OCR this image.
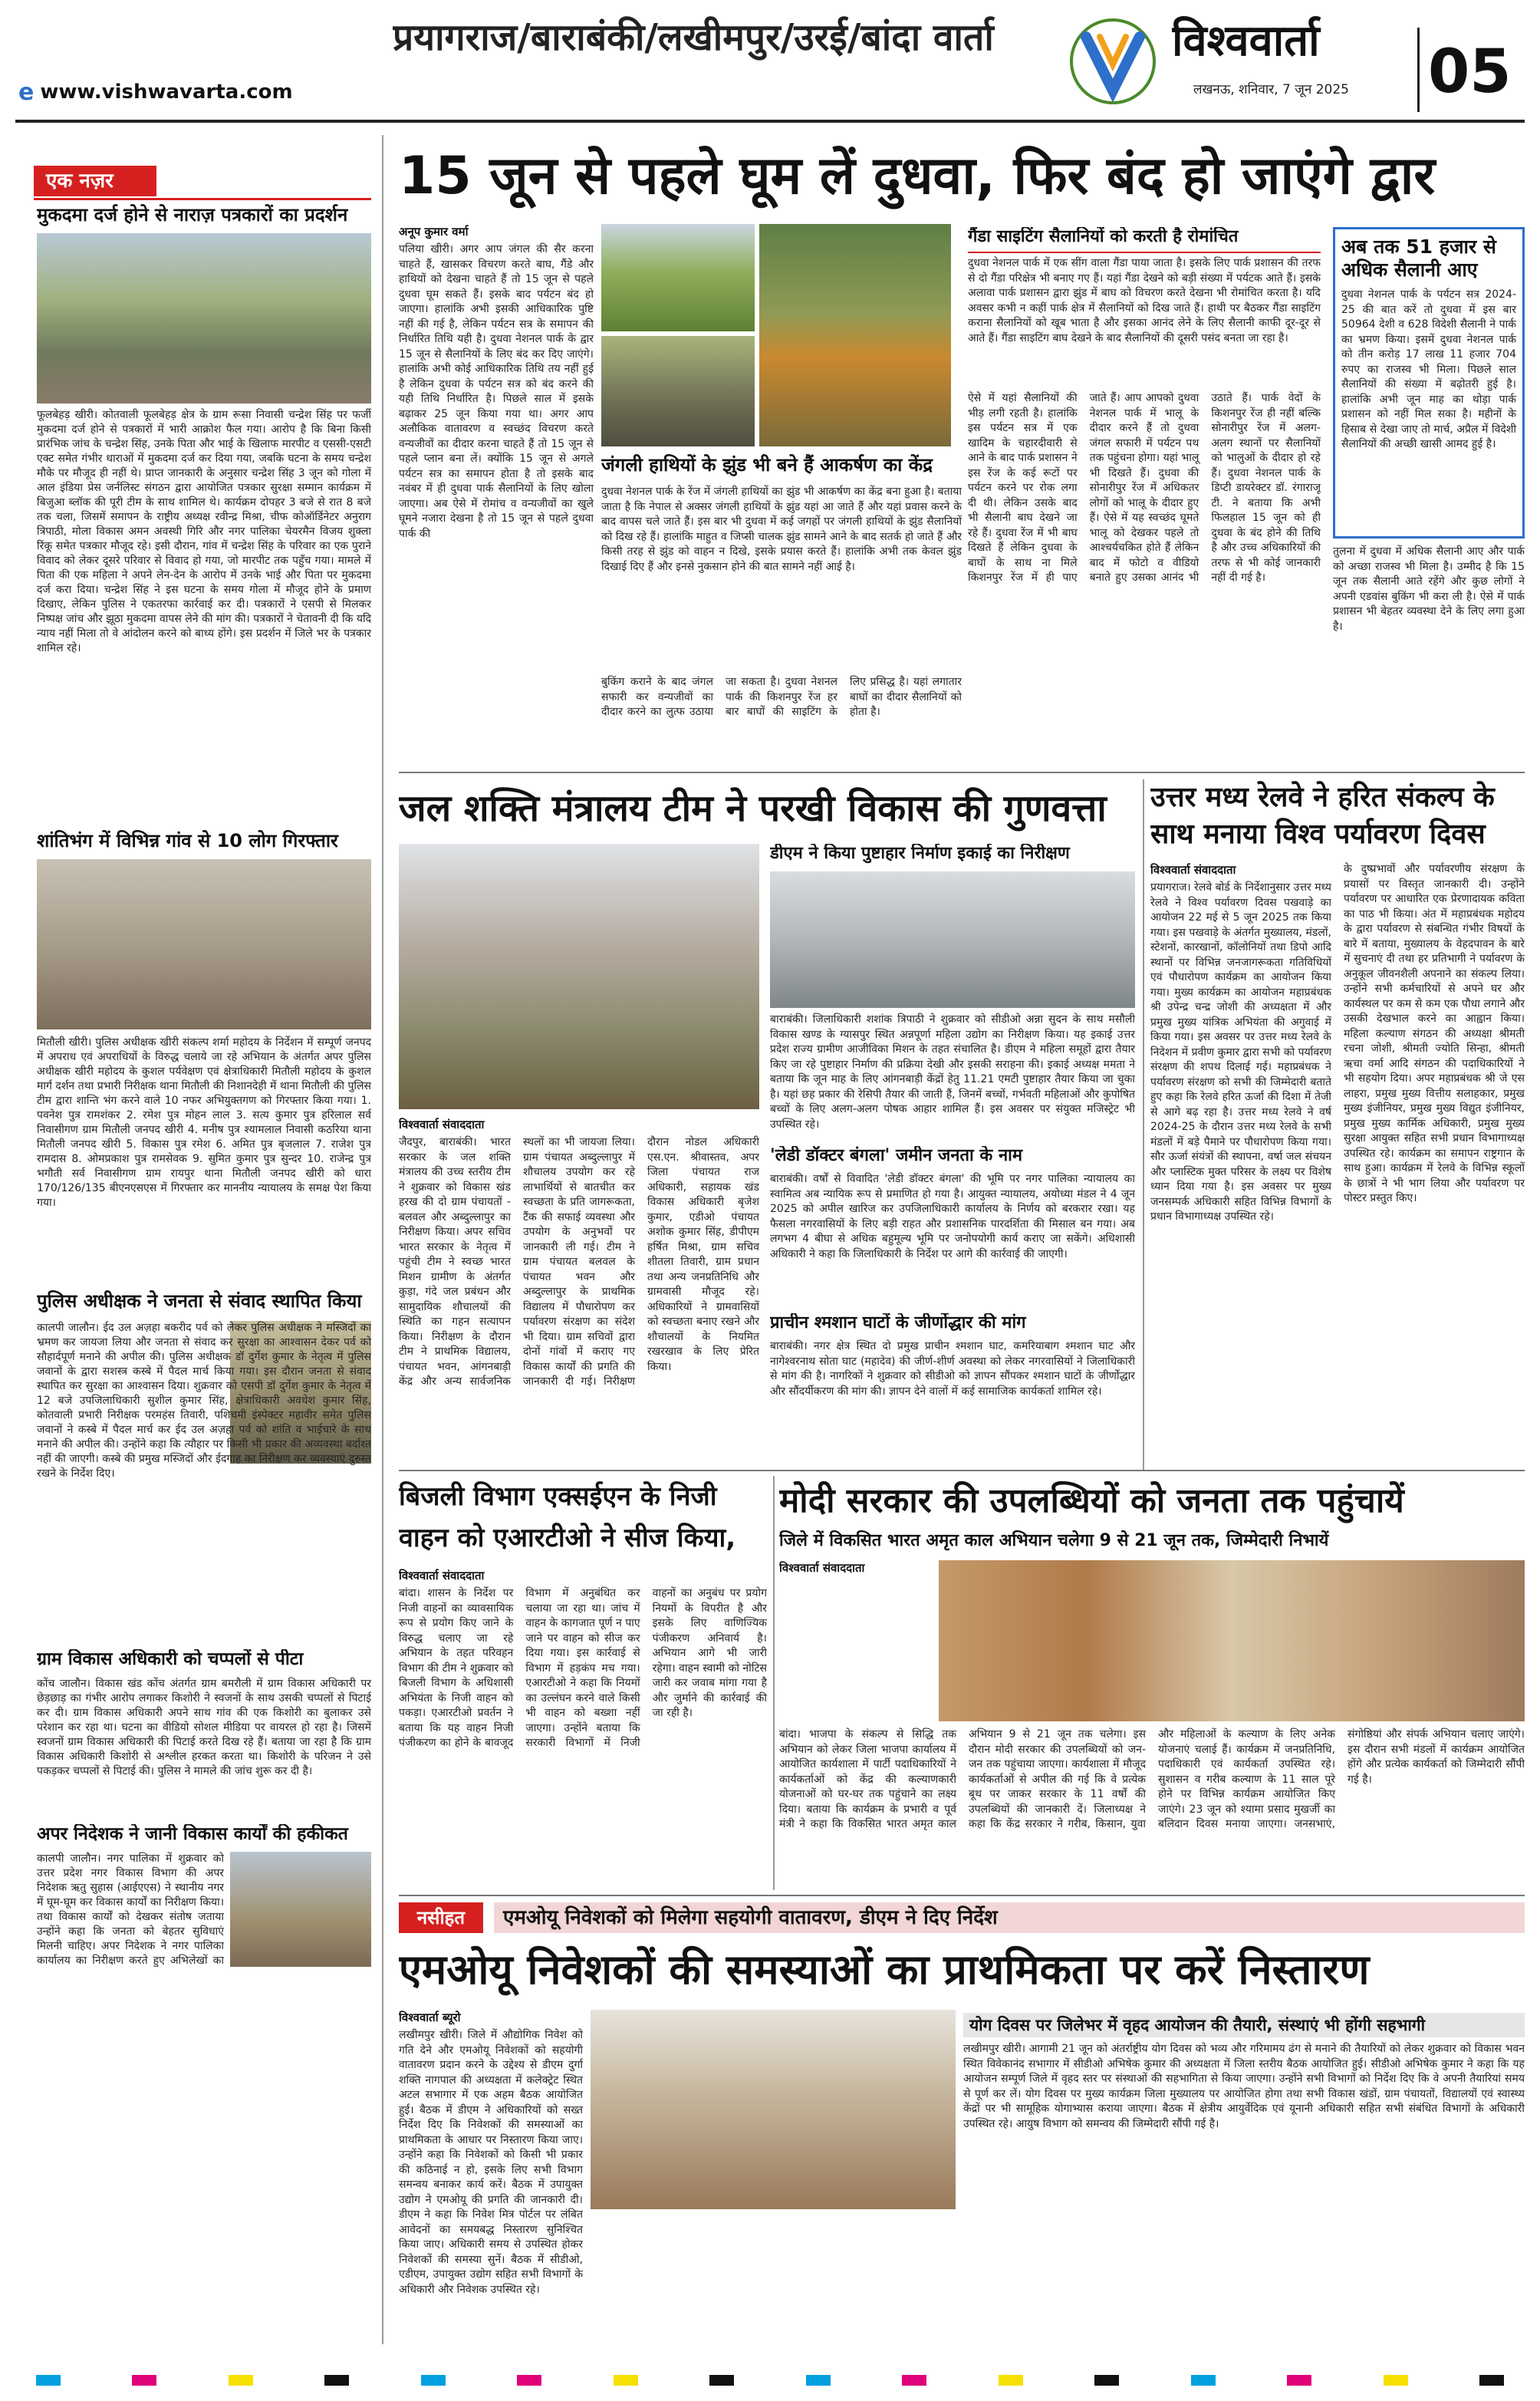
प्रयागराज/बाराबंकी/लखीमपुर/उरई/बांदा वार्ता	विश्ववार्ता
लखनऊ, शनिवार, 7 जून 2025	05
e www.vishwavarta.com
एक नज़र
मुकदमा दर्ज होने से नाराज़ पत्रकारों का प्रदर्शन
फूलबेहड़ खीरी। कोतवाली फूलबेहड़ क्षेत्र के ग्राम रूसा निवासी चन्द्रेश सिंह पर फर्जी मुकदमा दर्ज होने से पत्रकारों में भारी आक्रोश फैल गया। आरोप है कि बिना किसी प्रारंभिक जांच के चन्द्रेश सिंह, उनके पिता और भाई के खिलाफ मारपीट व एससी-एसटी एक्ट समेत गंभीर धाराओं में मुकदमा दर्ज कर दिया गया, जबकि घटना के समय चन्द्रेश मौके पर मौजूद ही नहीं थे। प्राप्त जानकारी के अनुसार चन्द्रेश सिंह 3 जून को गोला में आल इंडिया प्रेस जर्नलिस्ट संगठन द्वारा आयोजित पत्रकार सुरक्षा सम्मान कार्यक्रम में बिजुआ ब्लॉक की पूरी टीम के साथ शामिल थे। कार्यक्रम दोपहर 3 बजे से रात 8 बजे तक चला, जिसमें समापन के राष्ट्रीय अध्यक्ष रवीन्द्र मिश्रा, चीफ कोऑर्डिनेटर अनुराग त्रिपाठी, मोला विकास अमन अवस्थी गिरि और नगर पालिका चेयरमैन विजय शुक्ला रिंकू समेत पत्रकार मौजूद रहे। इसी दौरान, गांव में चन्द्रेश सिंह के परिवार का एक पुराने विवाद को लेकर दूसरे परिवार से विवाद हो गया, जो मारपीट तक पहुँच गया। मामले में पिता की एक महिला ने अपने लेन-देन के आरोप में उनके भाई और पिता पर मुकदमा दर्ज करा दिया। चन्द्रेश सिंह ने इस घटना के समय गोला में मौजूद होने के प्रमाण दिखाए, लेकिन पुलिस ने एकतरफा कार्रवाई कर दी। पत्रकारों ने एसपी से मिलकर निष्पक्ष जांच और झूठा मुकदमा वापस लेने की मांग की। पत्रकारों ने चेतावनी दी कि यदि न्याय नहीं मिला तो वे आंदोलन करने को बाध्य होंगे। इस प्रदर्शन में जिले भर के पत्रकार शामिल रहे।
शांतिभंग में विभिन्न गांव से 10 लोग गिरफ्तार
मितौली खीरी। पुलिस अधीक्षक खीरी संकल्प शर्मा महोदय के निर्देशन में सम्पूर्ण जनपद में अपराध एवं अपराधियों के विरुद्ध चलाये जा रहे अभियान के अंतर्गत अपर पुलिस अधीक्षक खीरी महोदय के कुशल पर्यवेक्षण एवं क्षेत्राधिकारी मितौली महोदय के कुशल मार्ग दर्शन तथा प्रभारी निरीक्षक थाना मितौली की निशानदेही में थाना मितौली की पुलिस टीम द्वारा शान्ति भंग करने वाले 10 नफर अभियुक्तगण को गिरफ्तार किया गया। 1. पवनेश पुत्र रामशंकर 2. रमेश पुत्र मोहन लाल 3. सत्य कुमार पुत्र हरिलाल सर्व निवासीगण ग्राम मितौली जनपद खीरी 4. मनीष पुत्र श्यामलाल निवासी कठरिया थाना मितौली जनपद खीरी 5. विकास पुत्र रमेश 6. अमित पुत्र बृजलाल 7. राजेश पुत्र रामदास 8. ओमप्रकाश पुत्र रामसेवक 9. सुमित कुमार पुत्र सुन्दर 10. राजेन्द्र पुत्र भगौती सर्व निवासीगण ग्राम रायपुर थाना मितौली जनपद खीरी को धारा 170/126/135 बीएनएसएस में गिरफ्तार कर माननीय न्यायालय के समक्ष पेश किया गया।
पुलिस अधीक्षक ने जनता से संवाद स्थापित किया
कालपी जालौन। ईद उल अज़हा बकरीद पर्व को लेकर पुलिस अधीक्षक ने मस्जिदों का भ्रमण कर जायजा लिया और जनता से संवाद कर सुरक्षा का आश्वासन देकर पर्व को सौहार्दपूर्ण मनाने की अपील की। पुलिस अधीक्षक डॉ दुर्गेश कुमार के नेतृत्व में पुलिस जवानों के द्वारा सशस्त्र कस्बे में पैदल मार्च किया गया। इस दौरान जनता से संवाद स्थापित कर सुरक्षा का आश्वासन दिया। शुक्रवार को एसपी डॉ दुर्गेश कुमार के नेतृत्व में 12 बजे उपजिलाधिकारी सुशील कुमार सिंह, क्षेत्राधिकारी अवधेश कुमार सिंह, कोतवाली प्रभारी निरीक्षक परमहंस तिवारी, पशिचमी इंस्पेक्टर महावीर समेत पुलिस जवानों ने कस्बे में पैदल मार्च कर ईद उल अज़हा पर्व को शांति व भाईचारे के साथ मनाने की अपील की। उन्होंने कहा कि त्यौहार पर किसी भी प्रकार की अव्यवस्था बर्दाश्त नहीं की जाएगी। कस्बे की प्रमुख मस्जिदों और ईदगाह का निरीक्षण कर व्यवस्थाएं दुरुस्त रखने के निर्देश दिए।
ग्राम विकास अधिकारी को चप्पलों से पीटा
कोंच जालौन। विकास खंड कोंच अंतर्गत ग्राम बमरौली में ग्राम विकास अधिकारी पर छेड़छाड़ का गंभीर आरोप लगाकर किशोरी ने स्वजनों के साथ उसकी चप्पलों से पिटाई कर दी। ग्राम विकास अधिकारी अपने साथ गांव की एक किशोरी का बुलाकर उसे परेशान कर रहा था। घटना का वीडियो सोशल मीडिया पर वायरल हो रहा है। जिसमें स्वजनों ग्राम विकास अधिकारी की पिटाई करते दिख रहे हैं। बताया जा रहा है कि ग्राम विकास अधिकारी किशोरी से अश्लील हरकत करता था। किशोरी के परिजन ने उसे पकड़कर चप्पलों से पिटाई की। पुलिस ने मामले की जांच शुरू कर दी है।
अपर निदेशक ने जानी विकास कार्यों की हकीकत
कालपी जालौन। नगर पालिका में शुक्रवार को उत्तर प्रदेश नगर विकास विभाग की अपर निदेशक ऋतु सुहास (आईएएस) ने स्थानीय नगर में घूम-घूम कर विकास कार्यों का निरीक्षण किया। तथा विकास कार्यों को देखकर संतोष जताया उन्होंने कहा कि जनता को बेहतर सुविधाएं मिलनी चाहिए। अपर निदेशक ने नगर पालिका कार्यालय का निरीक्षण करते हुए अभिलेखों का
15 जून से पहले घूम लें दुधवा, फिर बंद हो जाएंगे द्वार
अनूप कुमार वर्मा
पलिया खीरी। अगर आप जंगल की सैर करना चाहते हैं, खासकर विचरण करते बाघ, गैंडे और हाथियों को देखना चाहते हैं तो 15 जून से पहले दुधवा घूम सकते हैं। इसके बाद पर्यटन बंद हो जाएगा। हालांकि अभी इसकी आधिकारिक पुष्टि नहीं की गई है, लेकिन पर्यटन सत्र के समापन की निर्धारित तिथि यही है। दुधवा नेशनल पार्क के द्वार 15 जून से सैलानियों के लिए बंद कर दिए जाएंगे। हालांकि अभी कोई आधिकारिक तिथि तय नहीं हुई है लेकिन दुधवा के पर्यटन सत्र को बंद करने की यही तिथि निर्धारित है। पिछले साल में इसके बढ़ाकर 25 जून किया गया था। अगर आप अलौकिक वातावरण व स्वच्छंद विचरण करते वन्यजीवों का दीदार करना चाहते हैं तो 15 जून से पहले प्लान बना लें। क्योंकि 15 जून से अगले पर्यटन सत्र का समापन होता है तो इसके बाद नवंबर में ही दुधवा पार्क सैलानियों के लिए खोला जाएगा। अब ऐसे में रोमांच व वन्यजीवों का खुले घूमने नजारा देखना है तो 15 जून से पहले दुधवा पार्क की
जंगली हाथियों के झुंड भी बने हैं आकर्षण का केंद्र
दुधवा नेशनल पार्क के रेंज में जंगली हाथियों का झुंड भी आकर्षण का केंद्र बना हुआ है। बताया जाता है कि नेपाल से अक्सर जंगली हाथियों के झुंड यहां आ जाते हैं और यहां प्रवास करने के बाद वापस चले जाते हैं। इस बार भी दुधवा में कई जगहों पर जंगली हाथियों के झुंड सैलानियों को दिख रहे हैं। हालांकि माहुत व जिप्सी चालक झुंड सामने आने के बाद सतर्क हो जाते हैं और किसी तरह से झुंड को वाहन न दिखे, इसके प्रयास करते हैं। हालांकि अभी तक केवल झुंड दिखाई दिए हैं और इनसे नुकसान होने की बात सामने नहीं आई है।
बुकिंग कराने के बाद जंगल सफारी कर वन्यजीवों का दीदार करने का लुत्फ उठाया जा सकता है। दुधवा नेशनल पार्क की किशनपुर रेंज हर बार बाघों की साइटिंग के लिए प्रसिद्ध है। यहां लगातार बाघों का दीदार सैलानियों को होता है।
गैंडा साइटिंग सैलानियों को करती है रोमांचित
दुधवा नेशनल पार्क में एक सींग वाला गैंडा पाया जाता है। इसके लिए पार्क प्रशासन की तरफ से दो गैंडा परिक्षेत्र भी बनाए गए हैं। यहां गैंडा देखने को बड़ी संख्या में पर्यटक आते हैं। इसके अलावा पार्क प्रशासन द्वारा झुंड में बाघ को विचरण करते देखना भी रोमांचित करता है। यदि अवसर कभी न कहीं पार्क क्षेत्र में सैलानियों को दिख जाते हैं। हाथी पर बैठकर गैंडा साइटिंग कराना सैलानियों को खूब भाता है और इसका आनंद लेने के लिए सैलानी काफी दूर-दूर से आते हैं। गैंडा साइटिंग बाघ देखने के बाद सैलानियों की दूसरी पसंद बनता जा रहा है।
ऐसे में यहां सैलानियों की भीड़ लगी रहती है। हालांकि इस पर्यटन सत्र में एक खादिम के चहारदीवारी से आने के बाद पार्क प्रशासन ने इस रेंज के कई रूटों पर पर्यटन करने पर रोक लगा दी थी। लेकिन उसके बाद भी सैलानी बाघ देखने जा रहे हैं। दुधवा रेंज में भी बाघ दिखते हैं लेकिन दुधवा के बाघों के साथ ना मिले किशनपुर रेंज में ही पाए जाते हैं। आप आपको दुधवा नेशनल पार्क में भालू के दीदार करने हैं तो दुधवा जंगल सफारी में पर्यटन पथ तक पहुंचना होगा। यहां भालू भी दिखते हैं। दुधवा की सोनारीपुर रेंज में अधिकतर लोगों को भालू के दीदार हुए हैं। ऐसे में यह स्वच्छंद घूमते भालू को देखकर पहले तो आश्चर्यचकित होते हैं लेकिन बाद में फोटो व वीडियो बनाते हुए उसका आनंद भी उठाते हैं। पार्क वेदों के किशनपुर रेंज ही नहीं बल्कि सोनारीपुर रेंज में अलग-अलग स्थानों पर सैलानियों को भालुओं के दीदार हो रहे हैं। दुधवा नेशनल पार्क के डिप्टी डायरेक्टर डॉ. रंगाराजू टी. ने बताया कि अभी फिलहाल 15 जून को ही दुधवा के बंद होने की तिथि है और उच्च अधिकारियों की तरफ से भी कोई जानकारी नहीं दी गई है।
अब तक 51 हजार से अधिक सैलानी आए
दुधवा नेशनल पार्क के पर्यटन सत्र 2024-25 की बात करें तो दुधवा में इस बार 50964 देशी व 628 विदेशी सैलानी ने पार्क का भ्रमण किया। इसमें दुधवा नेशनल पार्क को तीन करोड़ 17 लाख 11 हजार 704 रुपए का राजस्व भी मिला। पिछले साल सैलानियों की संख्या में बढ़ोतरी हुई है। हालांकि अभी जून माह का थोड़ा पार्क प्रशासन को नहीं मिल सका है। महीनों के हिसाब से देखा जाए तो मार्च, अप्रैल में विदेशी सैलानियों की अच्छी खासी आमद हुई है।
तुलना में दुधवा में अधिक सैलानी आए और पार्क को अच्छा राजस्व भी मिला है। उम्मीद है कि 15 जून तक सैलानी आते रहेंगे और कुछ लोगों ने अपनी एडवांस बुकिंग भी करा ली है। ऐसे में पार्क प्रशासन भी बेहतर व्यवस्था देने के लिए लगा हुआ है।
जल शक्ति मंत्रालय टीम ने परखी विकास की गुणवत्ता
विश्ववार्ता संवाददाता
जैदपुर, बाराबंकी। भारत सरकार के जल शक्ति मंत्रालय की उच्च स्तरीय टीम ने शुक्रवार को विकास खंड हरख की दो ग्राम पंचायतों - बलवल और अब्दुल्लापुर का निरीक्षण किया। अपर सचिव भारत सरकार के नेतृत्व में पहुंची टीम ने स्वच्छ भारत मिशन ग्रामीण के अंतर्गत कुड़ा, गंदे जल प्रबंधन और सामुदायिक शौचालयों की स्थिति का गहन सत्यापन किया। निरीक्षण के दौरान टीम ने प्राथमिक विद्यालय, पंचायत भवन, आंगनबाड़ी केंद्र और अन्य सार्वजनिक स्थलों का भी जायजा लिया। ग्राम पंचायत अब्दुल्लापुर में शौचालय उपयोग कर रहे लाभार्थियों से बातचीत कर स्वच्छता के प्रति जागरूकता, टैंक की सफाई व्यवस्था और उपयोग के अनुभवों पर जानकारी ली गई। टीम ने ग्राम पंचायत बलवल के पंचायत भवन और अब्दुल्लापुर के प्राथमिक विद्यालय में पौधारोपण कर पर्यावरण संरक्षण का संदेश भी दिया। ग्राम सचिवों द्वारा दोनों गांवों में कराए गए विकास कार्यों की प्रगति की जानकारी दी गई। निरीक्षण दौरान नोडल अधिकारी एस.एन. श्रीवास्तव, अपर जिला पंचायत राज अधिकारी, सहायक खंड विकास अधिकारी बृजेश कुमार, एडीओ पंचायत अशोक कुमार सिंह, डीपीएम हर्षित मिश्रा, ग्राम सचिव शीतला तिवारी, ग्राम प्रधान तथा अन्य जनप्रतिनिधि और ग्रामवासी मौजूद रहे। अधिकारियों ने ग्रामवासियों को स्वच्छता बनाए रखने और शौचालयों के नियमित रखरखाव के लिए प्रेरित किया।
डीएम ने किया पुष्टाहार निर्माण इकाई का निरीक्षण
बाराबंकी। जिलाधिकारी शशांक त्रिपाठी ने शुक्रवार को सीडीओ अन्ना सुदन के साथ मसौली विकास खण्ड के ग्यासपुर स्थित अन्नपूर्णा महिला उद्योग का निरीक्षण किया। यह इकाई उत्तर प्रदेश राज्य ग्रामीण आजीविका मिशन के तहत संचालित है। डीएम ने महिला समूहों द्वारा तैयार किए जा रहे पुष्टाहार निर्माण की प्रक्रिया देखी और इसकी सराहना की। इकाई अध्यक्ष ममता ने बताया कि जून माह के लिए आंगनबाड़ी केंद्रों हेतु 11.21 एमटी पुष्टाहार तैयार किया जा चुका है। यहां छह प्रकार की रेसिपी तैयार की जाती हैं, जिनमें बच्चों, गर्भवती महिलाओं और कुपोषित बच्चों के लिए अलग-अलग पोषक आहार शामिल हैं। इस अवसर पर संयुक्त मजिस्ट्रेट भी उपस्थित रहे।
'लेडी डॉक्टर बंगला' जमीन जनता के नाम
बाराबंकी। वर्षों से विवादित 'लेडी डॉक्टर बंगला' की भूमि पर नगर पालिका न्यायालय का स्वामित्व अब न्यायिक रूप से प्रमाणित हो गया है। आयुक्त न्यायालय, अयोध्या मंडल ने 4 जून 2025 को अपील खारिज कर उपजिलाधिकारी कार्यालय के निर्णय को बरकरार रखा। यह फैसला नगरवासियों के लिए बड़ी राहत और प्रशासनिक पारदर्शिता की मिसाल बन गया। अब लगभग 4 बीघा से अधिक बहुमूल्य भूमि पर जनोपयोगी कार्य कराए जा सकेंगे। अधिशासी अधिकारी ने कहा कि जिलाधिकारी के निर्देश पर आगे की कार्रवाई की जाएगी।
प्राचीन श्मशान घाटों के जीर्णोद्धार की मांग
बाराबंकी। नगर क्षेत्र स्थित दो प्रमुख प्राचीन श्मशान घाट, कमरियाबाग श्मशान घाट और नागेश्वरनाथ सोता घाट (महादेव) की जीर्ण-शीर्ण अवस्था को लेकर नगरवासियों ने जिलाधिकारी से मांग की है। नागरिकों ने शुक्रवार को सीडीओ को ज्ञापन सौंपकर श्मशान घाटों के जीर्णोद्धार और सौंदर्यीकरण की मांग की। ज्ञापन देने वालों में कई सामाजिक कार्यकर्ता शामिल रहे।
उत्तर मध्य रेलवे ने हरित संकल्प के साथ मनाया विश्व पर्यावरण दिवस
विश्ववार्ता संवाददाता
प्रयागराज। रेलवे बोर्ड के निर्देशानुसार उत्तर मध्य रेलवे ने विश्व पर्यावरण दिवस पखवाड़े का आयोजन 22 मई से 5 जून 2025 तक किया गया। इस पखवाड़े के अंतर्गत मुख्यालय, मंडलों, स्टेशनों, कारखानों, कॉलोनियों तथा डिपो आदि स्थानों पर विभिन्न जनजागरूकता गतिविधियों एवं पौधारोपण कार्यक्रम का आयोजन किया गया। मुख्य कार्यक्रम का आयोजन महाप्रबंधक श्री उपेन्द्र चन्द्र जोशी की अध्यक्षता में और प्रमुख मुख्य यांत्रिक अभियंता की अगुवाई में किया गया। इस अवसर पर उत्तर मध्य रेलवे के निदेशन में प्रवीण कुमार द्वारा सभी को पर्यावरण संरक्षण की शपथ दिलाई गई। महाप्रबंधक ने पर्यावरण संरक्षण को सभी की जिम्मेदारी बताते हुए कहा कि रेलवे हरित ऊर्जा की दिशा में तेजी से आगे बढ़ रहा है। उत्तर मध्य रेलवे ने वर्ष 2024-25 के दौरान उत्तर मध्य रेलवे के सभी मंडलों में बड़े पैमाने पर पौधारोपण किया गया। सौर ऊर्जा संयंत्रों की स्थापना, वर्षा जल संचयन और प्लास्टिक मुक्त परिसर के लक्ष्य पर विशेष ध्यान दिया गया है। इस अवसर पर मुख्य जनसम्पर्क अधिकारी सहित विभिन्न विभागों के प्रधान विभागाध्यक्ष उपस्थित रहे।
के दुष्प्रभावों और पर्यावरणीय संरक्षण के प्रयासों पर विस्तृत जानकारी दी। उन्होंने पर्यावरण पर आधारित एक प्रेरणादायक कविता का पाठ भी किया। अंत में महाप्रबंधक महोदय के द्वारा पर्यावरण से संबन्धित गंभीर विषयों के बारे में बताया, मुख्यालय के वेहदपावन के बारे में सुचनाएं दी तथा हर प्रतिभागी ने पर्यावरण के अनुकूल जीवनशैली अपनाने का संकल्प लिया। उन्होंने सभी कर्मचारियों से अपने घर और कार्यस्थल पर कम से कम एक पौधा लगाने और उसकी देखभाल करने का आह्वान किया। महिला कल्याण संगठन की अध्यक्षा श्रीमती रचना जोशी, श्रीमती ज्योति सिन्हा, श्रीमती ऋचा वर्मा आदि संगठन की पदाधिकारियों ने भी सहयोग दिया। अपर महाप्रबंधक श्री जे एस लाहरा, प्रमुख मुख्य वित्तीय सलाहकार, प्रमुख मुख्य इंजीनियर, प्रमुख मुख्य विद्युत इंजीनियर, प्रमुख मुख्य कार्मिक अधिकारी, प्रमुख मुख्य सुरक्षा आयुक्त सहित सभी प्रधान विभागाध्यक्ष उपस्थित रहे। कार्यक्रम का समापन राष्ट्रगान के साथ हुआ। कार्यक्रम में रेलवे के विभिन्न स्कूलों के छात्रों ने भी भाग लिया और पर्यावरण पर पोस्टर प्रस्तुत किए।
बिजली विभाग एक्सईएन के निजी वाहन को एआरटीओ ने सीज किया,
विश्ववार्ता संवाददाता
बांदा। शासन के निर्देश पर निजी वाहनों का व्यावसायिक रूप से प्रयोग किए जाने के विरुद्ध चलाए जा रहे अभियान के तहत परिवहन विभाग की टीम ने शुक्रवार को बिजली विभाग के अधिशासी अभियंता के निजी वाहन को पकड़ा। एआरटीओ प्रवर्तन ने बताया कि यह वाहन निजी पंजीकरण का होने के बावजूद विभाग में अनुबंधित कर चलाया जा रहा था। जांच में वाहन के कागजात पूर्ण न पाए जाने पर वाहन को सीज कर दिया गया। इस कार्रवाई से विभाग में हड़कंप मच गया। एआरटीओ ने कहा कि नियमों का उल्लंघन करने वाले किसी भी वाहन को बख्शा नहीं जाएगा। उन्होंने बताया कि सरकारी विभागों में निजी वाहनों का अनुबंध पर प्रयोग नियमों के विपरीत है और इसके लिए वाणिज्यिक पंजीकरण अनिवार्य है। अभियान आगे भी जारी रहेगा। वाहन स्वामी को नोटिस जारी कर जवाब मांगा गया है और जुर्माने की कार्रवाई की जा रही है।
मोदी सरकार की उपलब्धियों को जनता तक पहुंचायें
जिले में विकसित भारत अमृत काल अभियान चलेगा 9 से 21 जून तक, जिम्मेदारी निभायें
विश्ववार्ता संवाददाता
बांदा। भाजपा के संकल्प से सिद्धि तक अभियान को लेकर जिला भाजपा कार्यालय में आयोजित कार्यशाला में पार्टी पदाधिकारियों ने कार्यकर्ताओं को केंद्र की कल्याणकारी योजनाओं को घर-घर तक पहुंचाने का लक्ष्य दिया। बताया कि कार्यक्रम के प्रभारी व पूर्व मंत्री ने कहा कि विकसित भारत अमृत काल अभियान 9 से 21 जून तक चलेगा। इस दौरान मोदी सरकार की उपलब्धियों को जन-जन तक पहुंचाया जाएगा। कार्यशाला में मौजूद कार्यकर्ताओं से अपील की गई कि वे प्रत्येक बूथ पर जाकर सरकार के 11 वर्षों की उपलब्धियों की जानकारी दें। जिलाध्यक्ष ने कहा कि केंद्र सरकार ने गरीब, किसान, युवा और महिलाओं के कल्याण के लिए अनेक योजनाएं चलाई हैं। कार्यक्रम में जनप्रतिनिधि, पदाधिकारी एवं कार्यकर्ता उपस्थित रहे। सुशासन व गरीब कल्याण के 11 साल पूरे होने पर विभिन्न कार्यक्रम आयोजित किए जाएंगे। 23 जून को श्यामा प्रसाद मुखर्जी का बलिदान दिवस मनाया जाएगा। जनसभाएं, संगोष्ठियां और संपर्क अभियान चलाए जाएंगे। इस दौरान सभी मंडलों में कार्यक्रम आयोजित होंगे और प्रत्येक कार्यकर्ता को जिम्मेदारी सौंपी गई है।
नसीहत	एमओयू निवेशकों को मिलेगा सहयोगी वातावरण, डीएम ने दिए निर्देश
एमओयू निवेशकों की समस्याओं का प्राथमिकता पर करें निस्तारण
विश्ववार्ता ब्यूरो
लखीमपुर खीरी। जिले में औद्योगिक निवेश को गति देने और एमओयू निवेशकों को सहयोगी वातावरण प्रदान करने के उद्देश्य से डीएम दुर्गा शक्ति नागपाल की अध्यक्षता में कलेक्ट्रेट स्थित अटल सभागार में एक अहम बैठक आयोजित हुई। बैठक में डीएम ने अधिकारियों को सख्त निर्देश दिए कि निवेशकों की समस्याओं का प्राथमिकता के आधार पर निस्तारण किया जाए। उन्होंने कहा कि निवेशकों को किसी भी प्रकार की कठिनाई न हो, इसके लिए सभी विभाग समन्वय बनाकर कार्य करें। बैठक में उपायुक्त उद्योग ने एमओयू की प्रगति की जानकारी दी। डीएम ने कहा कि निवेश मित्र पोर्टल पर लंबित आवेदनों का समयबद्ध निस्तारण सुनिश्चित किया जाए। अधिकारी समय से उपस्थित होकर निवेशकों की समस्या सुनें। बैठक में सीडीओ, एडीएम, उपायुक्त उद्योग सहित सभी विभागों के अधिकारी और निवेशक उपस्थित रहे।
योग दिवस पर जिलेभर में वृहद आयोजन की तैयारी, संस्थाएं भी होंगी सहभागी
लखीमपुर खीरी। आगामी 21 जून को अंतर्राष्ट्रीय योग दिवस को भव्य और गरिमामय ढंग से मनाने की तैयारियों को लेकर शुक्रवार को विकास भवन स्थित विवेकानंद सभागार में सीडीओ अभिषेक कुमार की अध्यक्षता में जिला स्तरीय बैठक आयोजित हुई। सीडीओ अभिषेक कुमार ने कहा कि यह आयोजन सम्पूर्ण जिले में वृहद स्तर पर संस्थाओं की सहभागिता से किया जाएगा। उन्होंने सभी विभागों को निर्देश दिए कि वे अपनी तैयारियां समय से पूर्ण कर लें। योग दिवस पर मुख्य कार्यक्रम जिला मुख्यालय पर आयोजित होगा तथा सभी विकास खंडों, ग्राम पंचायतों, विद्यालयों एवं स्वास्थ्य केंद्रों पर भी सामूहिक योगाभ्यास कराया जाएगा। बैठक में क्षेत्रीय आयुर्वेदिक एवं यूनानी अधिकारी सहित सभी संबंधित विभागों के अधिकारी उपस्थित रहे। आयुष विभाग को समन्वय की जिम्मेदारी सौंपी गई है।
